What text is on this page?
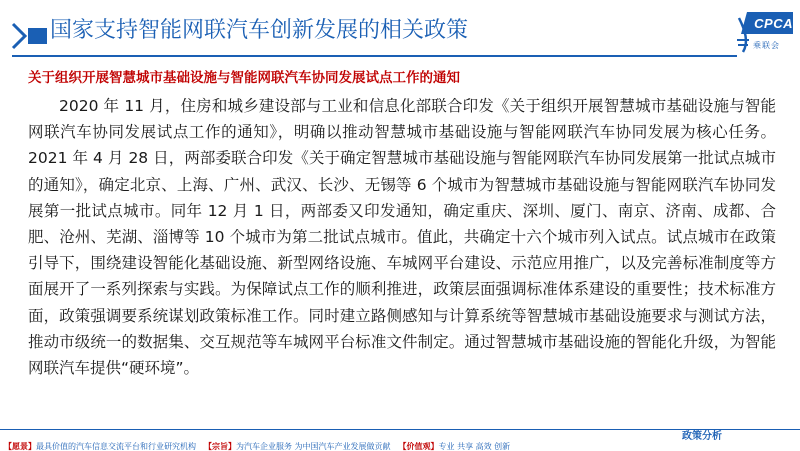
国家支持智能网联汽车创新发展的相关政策	CPCA
乘联会
关于组织开展智慧城市基础设施与智能网联汽车协同发展试点工作的通知

2020 年 11 月，住房和城乡建设部与工业和信息化部联合印发《关于组织开展智慧城市基础设施与智能网联汽车协同发展试点工作的通知》，明确以推动智慧城市基础设施与智能网联汽车协同发展为核心任务。 2021 年 4 月 28 日，两部委联合印发《关于确定智慧城市基础设施与智能网联汽车协同发展第一批试点城市的通知》，确定北京、上海、广州、武汉、长沙、无锡等 6 个城市为智慧城市基础设施与智能网联汽车协同发展第一批试点城市。同年 12 月 1 日，两部委又印发通知，确定重庆、深圳、厦门、南京、济南、成都、合肥、沧州、芜湖、淄博等 10 个城市为第二批试点城市。值此，共确定十六个城市列入试点。试点城市在政策引导下，围绕建设智能化基础设施、新型网络设施、车城网平台建设、示范应用推广，以及完善标准制度等方面展开了一系列探索与实践。为保障试点工作的顺利推进，政策层面强调标准体系建设的重要性；技术标准方面，政策强调要系统谋划政策标准工作。同时建立路侧感知与计算系统等智慧城市基础设施要求与测试方法，推动市级统一的数据集、交互规范等车城网平台标准文件制定。通过智慧城市基础设施的智能化升级，为智能网联汽车提供“硬环境”。

政策分析
【愿景】最具价值的汽车信息交流平台和行业研究机构 【宗旨】为汽车企业服务 为中国汽车产业发展做贡献 【价值观】专业 共享 高效 创新
